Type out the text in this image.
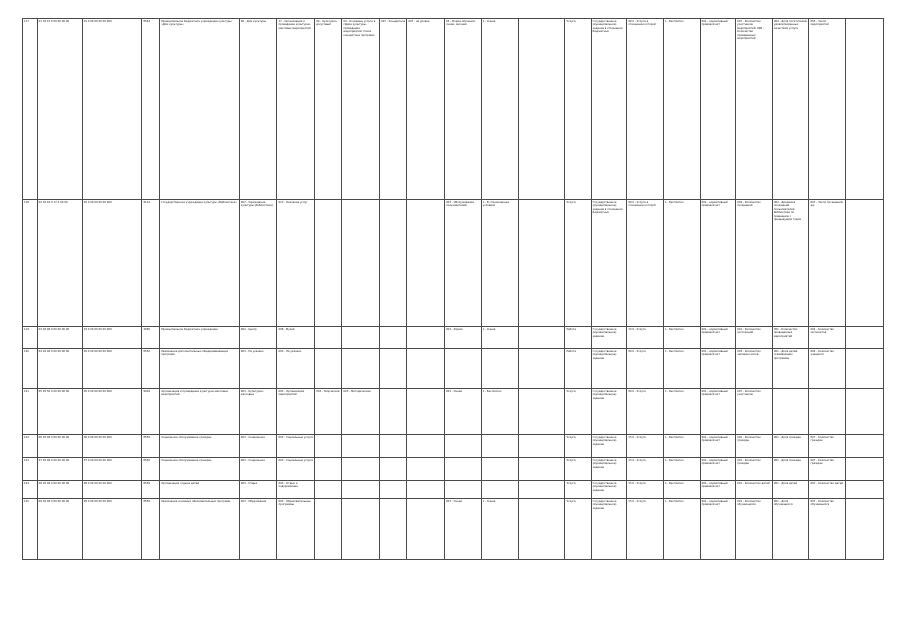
117	01 18 15 6 00 00 00 00	01 0 00 00 00 00 000	8544	Муниципальное бюджетное учреждение культуры «Дом культуры»	06 - Дом культуры	17 - Организация и проведение культурно-массовых мероприятий	04 - Культурно-досуговый	04 - Основные услуги в сфере культуры, проведение мероприятий, показ концертных программ	007 - Концертное	007 - на уровне	03 - Форма обучения: очная, заочная	1 - Очная		Услуга	Государственное (муниципальное) задание в отношении бюджетных	99 0 - Услуга в отношении которой	1 - Бесплатно	001 - нормативный правовой акт	007 - Количество участников мероприятий; 008 - Количество проведенных мероприятий	004 - Доля посетителей, удовлетворенных качеством услуги	055 - Число мероприятий	
118	02 18 16 0 17 4 00 00	02 0 00 00 00 00 000	9101	Государственное учреждение культуры «Библиотека»	007 - Учреждение культуры (библиотека)	013 - Оказание услуг					003 - Обслуживание пользователей	1 - В стационарных условиях		Услуга	Государственное (муниципальное) задание в отношении бюджетных	99 0 - Услуга в отношении которой	1 - Бесплатно	001 - нормативный правовой акт	004 - Количество посещений	002 - Динамика посещений пользователей библиотеки по сравнению с предыдущим годом	007 - Число посещений, ед.	
119	03 18 48 0 00 00 00 00	03 0 00 00 00 00 000	4065	Муниципальное бюджетное учреждение	002 - Центр	008 - Музей					003 - Форма	1 - Очная		Работа	Государственное (муниципальное) задание	13 0 - Услуга	1 - Бесплатно	001 - нормативный правовой акт	001 - Количество экспозиций	001 - Количество проведенных мероприятий	004 - Количество экспонатов	
120	04 18 48 0 00 00 00 00	04 0 00 00 00 00 000	8552	Реализация дополнительных общеразвивающих программ	003 - Не указано	003 - Не указано								Работа	Государственное (муниципальное) задание	99 0 - Услуга	1 - Бесплатно	001 - нормативный правовой акт	003 - Количество человеко-часов	001 - Доля детей, осваивающих программы	004 - Количество учащихся	
121	05 18 50 0 00 00 00 00	05 0 00 00 00 00 000	9004	Организация и проведение культурно-массовых мероприятий	003 - Культурно-массовые	003 - Организация мероприятий	003 - Творческие	003 - Методические			003 - Очная	1 - Бесплатно		Услуга	Государственное (муниципальное) задание	99 0 - Услуга	1 - Бесплатно	001 - нормативный правовой акт	007 - Количество участников			
122	06 18 48 0 00 00 00 00	06 0 00 00 00 00 000	8559	Социальное обслуживание граждан	003 - Социальное	003 - Социальные услуги								Услуга	Государственное (муниципальное) задание	13 0 - Услуга	1 - Бесплатно	001 - нормативный правовой акт	001 - Количество граждан	001 - Доля граждан	007 - Количество граждан	
123	07 18 48 0 00 00 00 00	07 0 00 00 00 00 000	8559	Социальное обслуживание граждан	003 - Социальное	003 - Социальные услуги								Услуга	Государственное (муниципальное) задание	13 0 - Услуга	1 - Бесплатно	001 - нормативный правовой акт	001 - Количество граждан	001 - Доля граждан	007 - Количество граждан	
124	08 18 48 0 00 00 00 00	08 0 00 00 00 00 000	8559	Организация отдыха детей	003 - Отдых	003 - Отдых и оздоровление								Услуга	Государственное (муниципальное) задание	13 0 - Услуга	1 - Бесплатно	001 - нормативный правовой акт	001 - Количество детей	001 - Доля детей	007 - Количество детей	
125	09 18 48 0 00 00 00 00	09 0 00 00 00 00 000	8559	Реализация основных образовательных программ	003 - Образование	003 - Образовательные программы					003 - Очная	1 - Очная		Услуга	Государственное (муниципальное) задание	13 0 - Услуга	1 - Бесплатно	001 - нормативный правовой акт	001 - Количество обучающихся	001 - Доля обучающихся	007 - Количество обучающихся	
